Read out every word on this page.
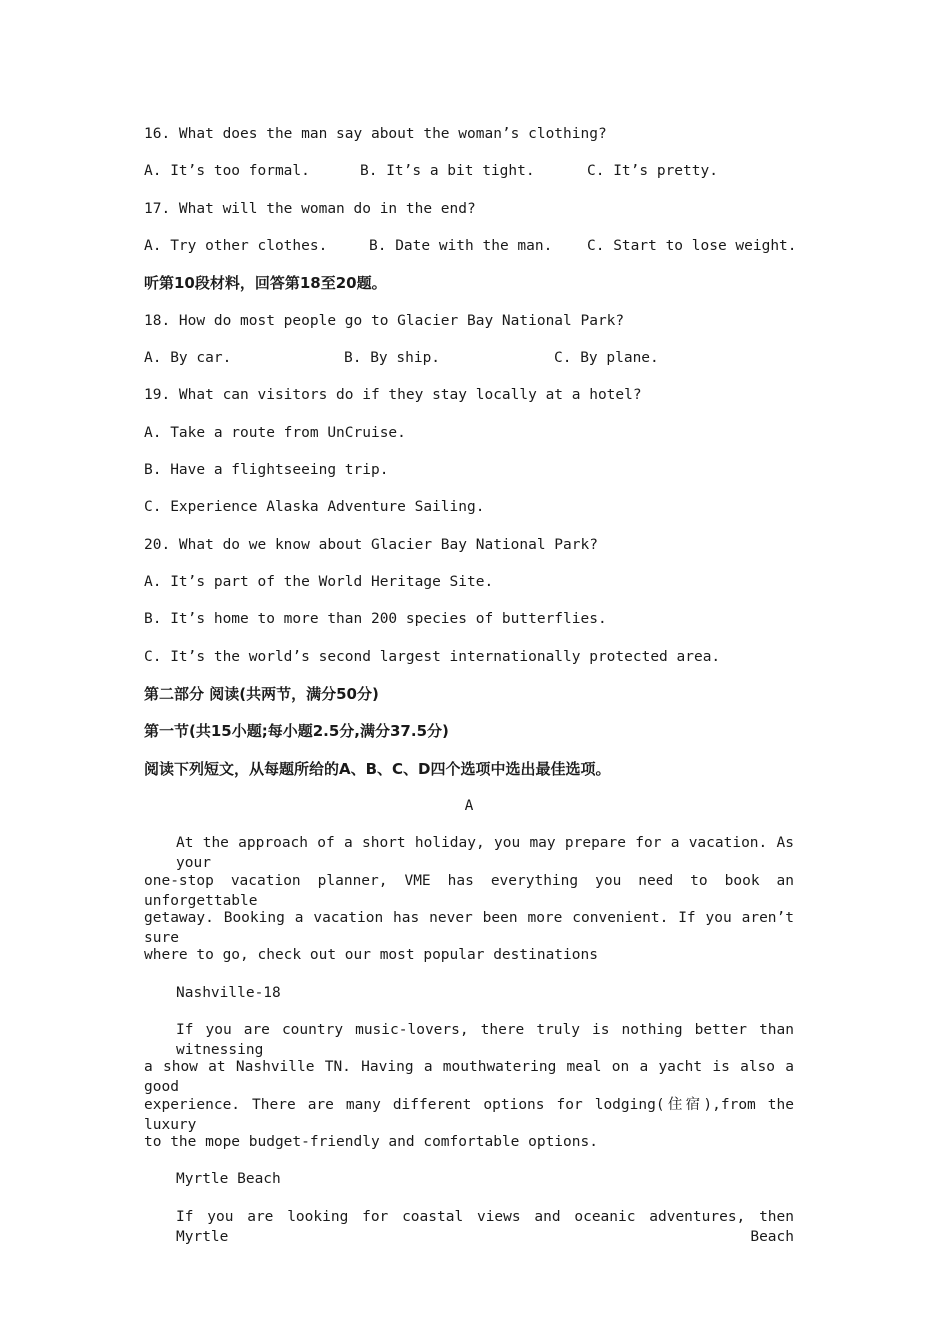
16. What does the man say about the woman’s clothing?
A. It’s too formal.	B. It’s a bit tight.	C. It’s pretty.
17. What will the woman do in the end?
A. Try other clothes.	B. Date with the man. C. Start to lose weight.
听第10段材料，回答第18至20题。
18. How do most people go to Glacier Bay National Park?
A. By car.	B. By ship.	C. By plane.
19. What can visitors do if they stay locally at a hotel?
A. Take a route from UnCruise.
B. Have a flightseeing trip.
C. Experience Alaska Adventure Sailing.
20. What do we know about Glacier Bay National Park?
A. It’s part of the World Heritage Site.
B. It’s home to more than 200 species of butterflies.
C. It’s the world’s second largest internationally protected area.
第二部分 阅读(共两节，满分50分)
第一节(共15小题;每小题2.5分,满分37.5分)
阅读下列短文，从每题所给的A、B、C、D四个选项中选出最佳选项。
A
At the approach of a short holiday, you may prepare for a vacation. As your
one-stop vacation planner, VME has everything you need to book an unforgettable
getaway. Booking a vacation has never been more convenient. If you aren’t sure
where to go, check out our most popular destinations
Nashville-18
If you are country music-lovers, there truly is nothing better than witnessing
a show at Nashville TN. Having a mouthwatering meal on a yacht is also a good
experience. There are many different options for lodging(住宿),from the luxury
to the mope budget-friendly and comfortable options.
Myrtle Beach
If you are looking for coastal views and oceanic adventures, then Myrtle Beach
